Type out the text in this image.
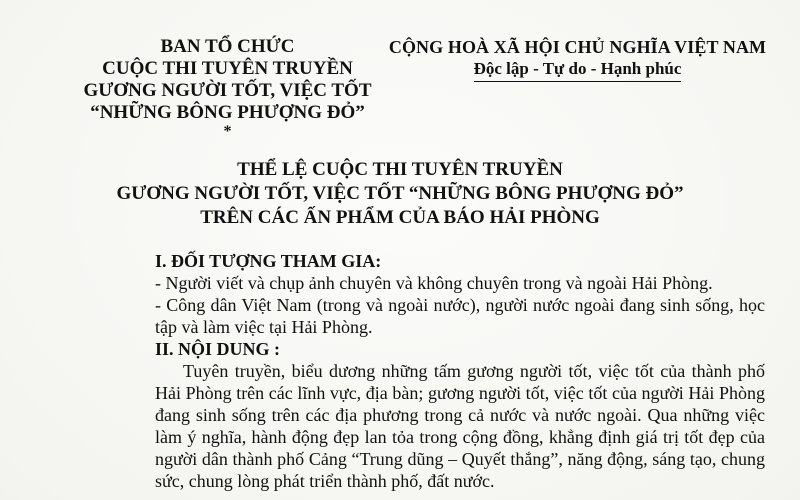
BAN TỔ CHỨC
CUỘC THI TUYÊN TRUYỀN
GƯƠNG NGƯỜI TỐT, VIỆC TỐT
“NHỮNG BÔNG PHƯỢNG ĐỎ”
*
CỘNG HOÀ XÃ HỘI CHỦ NGHĨA VIỆT NAM
Độc lập - Tự do - Hạnh phúc
THỂ LỆ CUỘC THI TUYÊN TRUYỀN
GƯƠNG NGƯỜI TỐT, VIỆC TỐT “NHỮNG BÔNG PHƯỢNG ĐỎ”
TRÊN CÁC ẤN PHẨM CỦA BÁO HẢI PHÒNG

I. ĐỐI TƯỢNG THAM GIA:

- Người viết và chụp ảnh chuyên và không chuyên trong và ngoài Hải Phòng.

- Công dân Việt Nam (trong và ngoài nước), người nước ngoài đang sinh sống, học tập và làm việc tại Hải Phòng.

II. NỘI DUNG :

Tuyên truyền, biểu dương những tấm gương người tốt, việc tốt của thành phố Hải Phòng trên các lĩnh vực, địa bàn; gương người tốt, việc tốt của người Hải Phòng đang sinh sống trên các địa phương trong cả nước và nước ngoài. Qua những việc làm ý nghĩa, hành động đẹp lan tỏa trong cộng đồng, khẳng định giá trị tốt đẹp của người dân thành phố Cảng “Trung dũng – Quyết thắng”, năng động, sáng tạo, chung sức, chung lòng phát triển thành phố, đất nước.
